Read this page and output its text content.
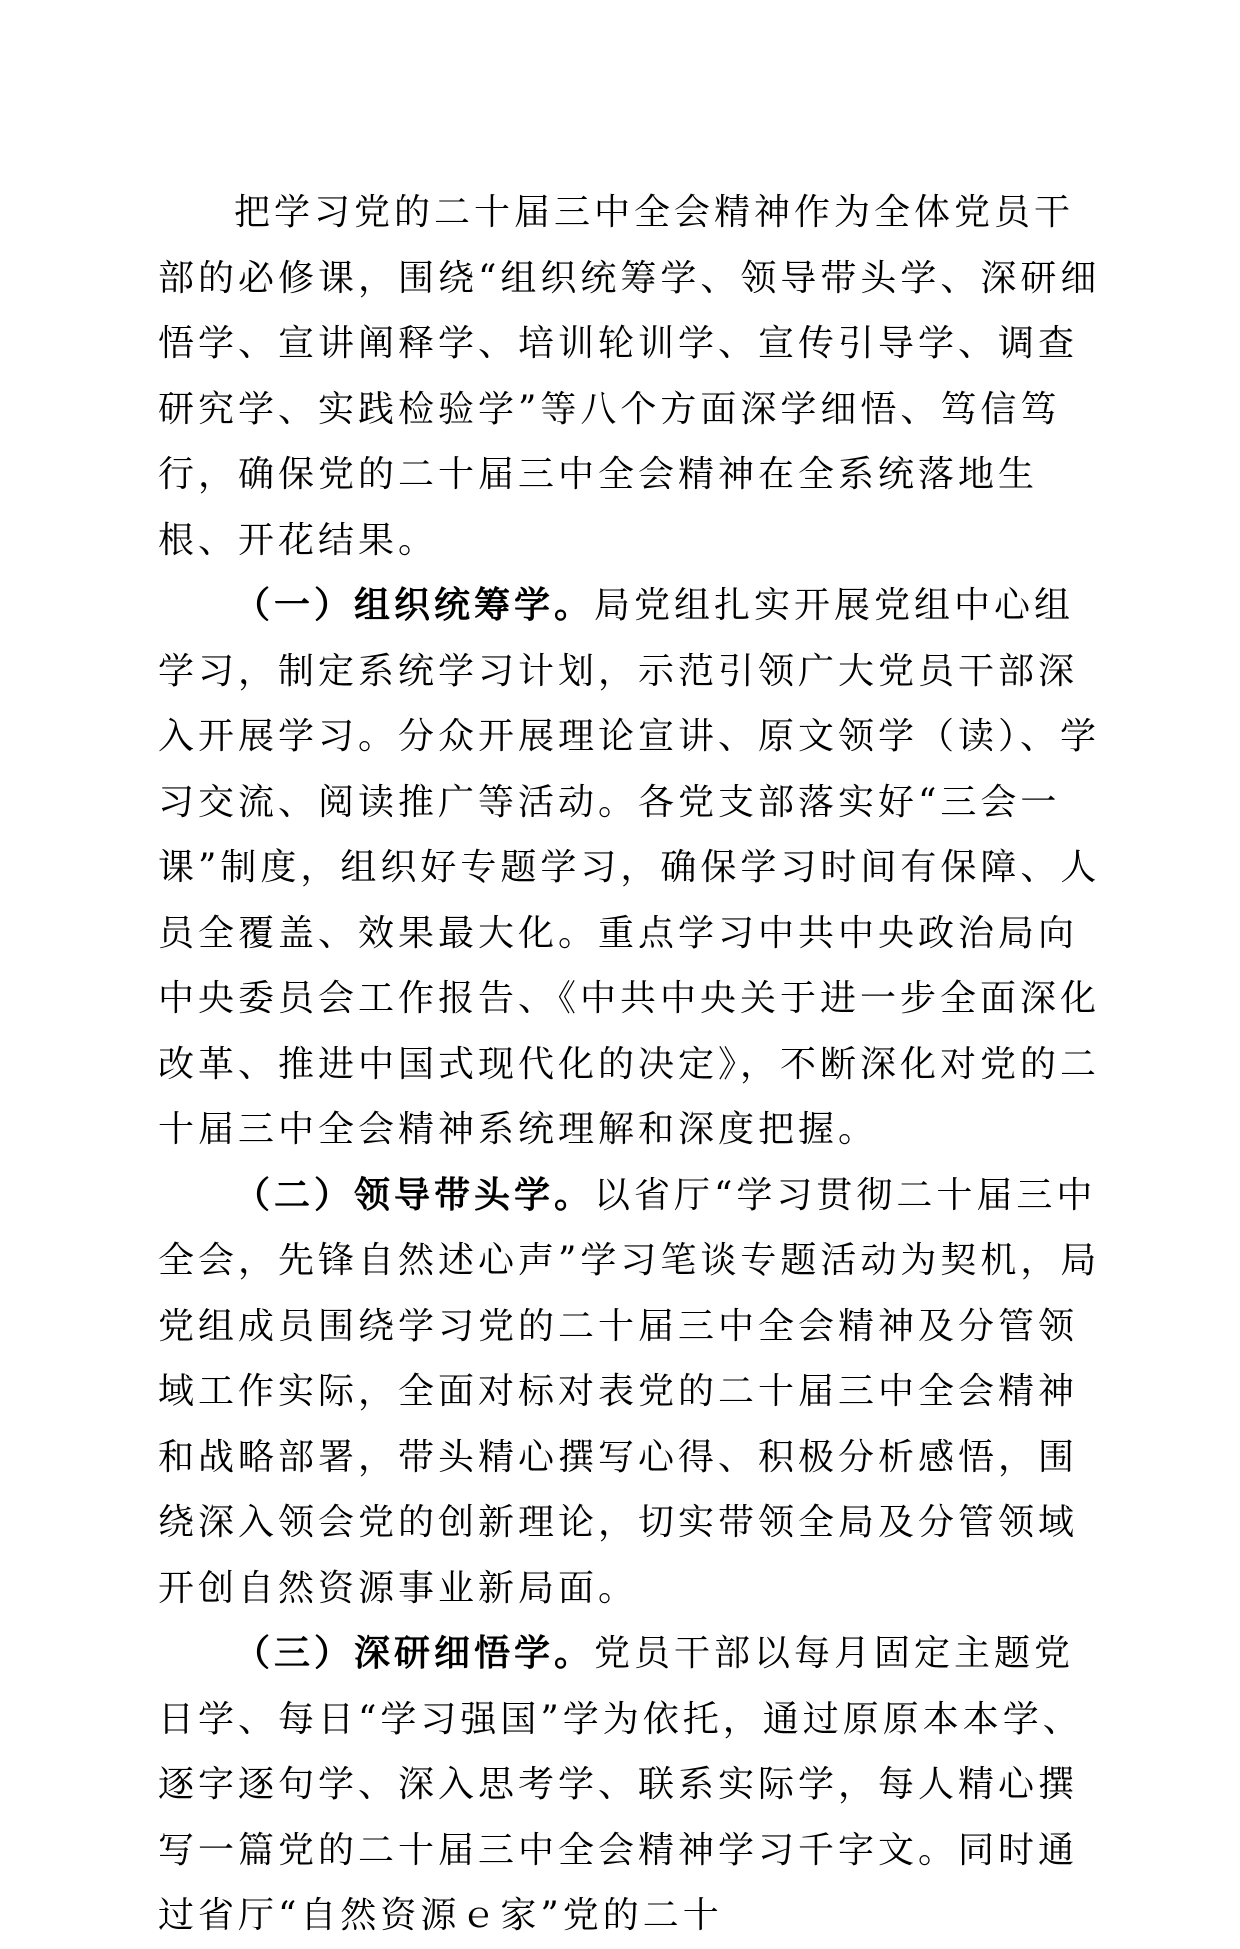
把学习党的二十届三中全会精神作为全体党员干部的必修课，围绕“组织统筹学、领导带头学、深研细悟学、宣讲阐释学、培训轮训学、宣传引导学、调查研究学、实践检验学”等八个方面深学细悟、笃信笃行，确保党的二十届三中全会精神在全系统落地生根、开花结果。

（一）组织统筹学。局党组扎实开展党组中心组学习，制定系统学习计划，示范引领广大党员干部深入开展学习。分众开展理论宣讲、原文领学（读）、学习交流、阅读推广等活动。各党支部落实好“三会一课”制度，组织好专题学习，确保学习时间有保障、人员全覆盖、效果最大化。重点学习中共中央政治局向中央委员会工作报告、《中共中央关于进一步全面深化改革、推进中国式现代化的决定》，不断深化对党的二十届三中全会精神系统理解和深度把握。

（二）领导带头学。以省厅“学习贯彻二十届三中全会，先锋自然述心声”学习笔谈专题活动为契机，局党组成员围绕学习党的二十届三中全会精神及分管领域工作实际，全面对标对表党的二十届三中全会精神和战略部署，带头精心撰写心得、积极分析感悟，围绕深入领会党的创新理论，切实带领全局及分管领域开创自然资源事业新局面。

（三）深研细悟学。党员干部以每月固定主题党日学、每日“学习强国”学为依托，通过原原本本学、逐字逐句学、深入思考学、联系实际学，每人精心撰写一篇党的二十届三中全会精神学习千字文。同时通过省厅“自然资源ｅ家”党的二十
